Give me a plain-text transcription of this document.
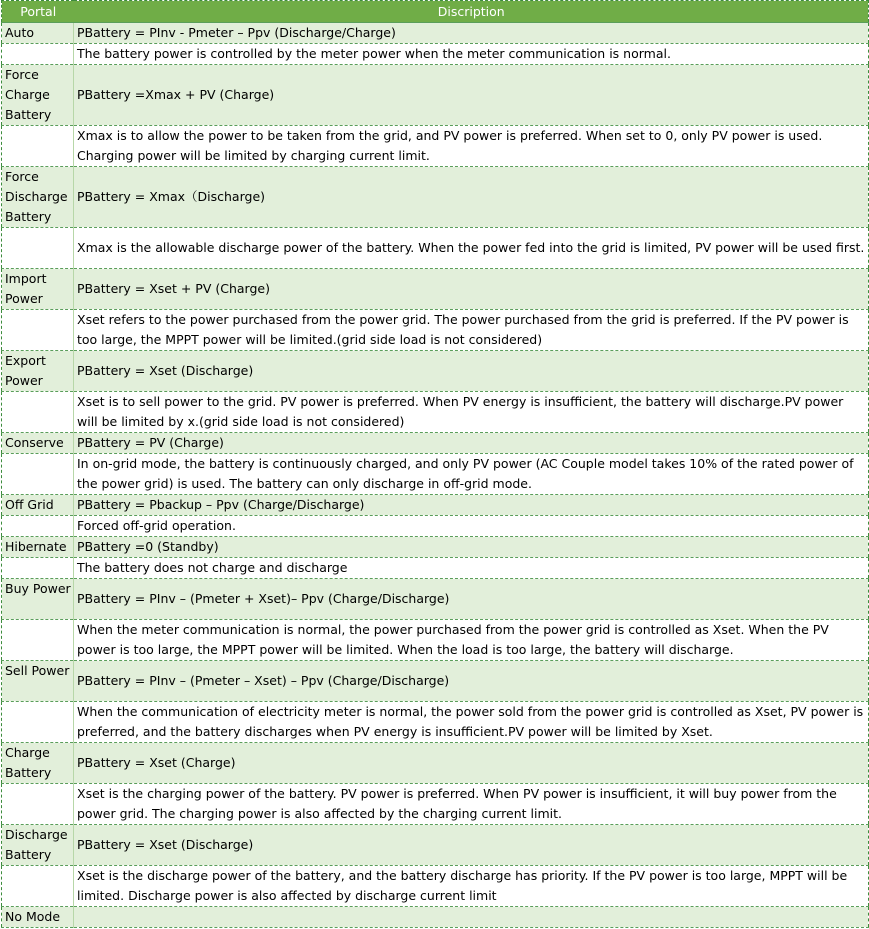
Portal	Discription
Auto	PBattery = PInv - Pmeter – Ppv (Discharge/Charge)
	The battery power is controlled by the meter power when the meter communication is normal.
Force Charge Battery	PBattery =Xmax + PV (Charge)
	Xmax is to allow the power to be taken from the grid, and PV power is preferred. When set to 0, only PV power is used. Charging power will be limited by charging current limit.
Force Discharge Battery	PBattery = Xmax（Discharge)
	Xmax is the allowable discharge power of the battery. When the power fed into the grid is limited, PV power will be used first.
Import Power	PBattery = Xset + PV (Charge)
	Xset refers to the power purchased from the power grid. The power purchased from the grid is preferred. If the PV power is too large, the MPPT power will be limited.(grid side load is not considered)
Export Power	PBattery = Xset (Discharge)
	Xset is to sell power to the grid. PV power is preferred. When PV energy is insufficient, the battery will discharge.PV power will be limited by x.(grid side load is not considered)
Conserve	PBattery = PV (Charge)
	In on-grid mode, the battery is continuously charged, and only PV power (AC Couple model takes 10% of the rated power of the power grid) is used. The battery can only discharge in off-grid mode.
Off Grid	PBattery = Pbackup – Ppv (Charge/Discharge)
	Forced off-grid operation.
Hibernate	PBattery =0 (Standby)
	The battery does not charge and discharge
Buy Power	PBattery = PInv – (Pmeter + Xset)– Ppv (Charge/Discharge)
	When the meter communication is normal, the power purchased from the power grid is controlled as Xset. When the PV power is too large, the MPPT power will be limited. When the load is too large, the battery will discharge.
Sell Power	PBattery = PInv – (Pmeter – Xset) – Ppv (Charge/Discharge)
	When the communication of electricity meter is normal, the power sold from the power grid is controlled as Xset, PV power is preferred, and the battery discharges when PV energy is insufficient.PV power will be limited by Xset.
Charge Battery	PBattery = Xset (Charge)
	Xset is the charging power of the battery. PV power is preferred. When PV power is insufficient, it will buy power from the power grid. The charging power is also affected by the charging current limit.
Discharge Battery	PBattery = Xset (Discharge)
	Xset is the discharge power of the battery, and the battery discharge has priority. If the PV power is too large, MPPT will be limited. Discharge power is also affected by discharge current limit
No Mode	
